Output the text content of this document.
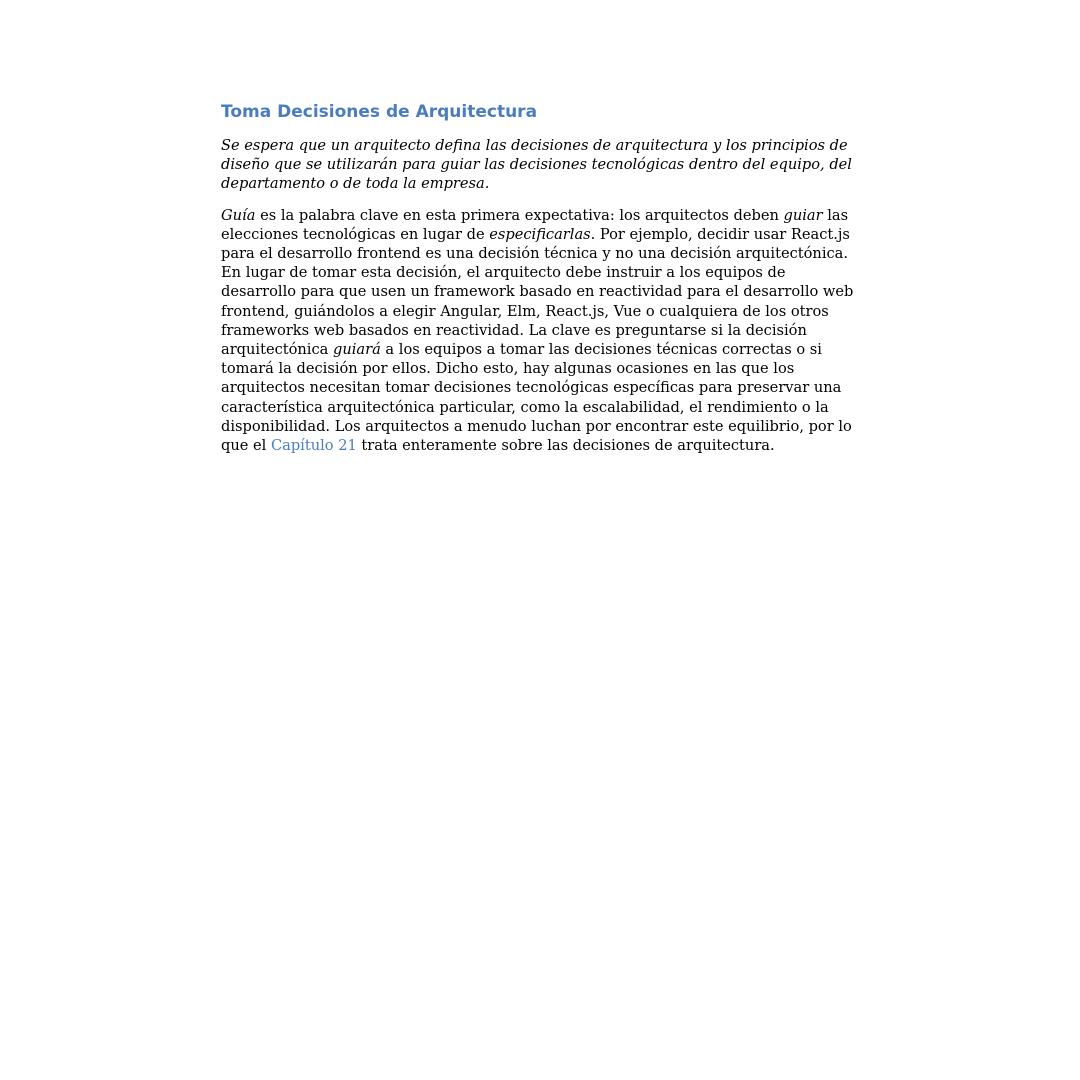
Toma Decisiones de Arquitectura

Se espera que un arquitecto defina las decisiones de arquitectura y los principios de diseño que se utilizarán para guiar las decisiones tecnológicas dentro del equipo, del departamento o de toda la empresa.

Guía es la palabra clave en esta primera expectativa: los arquitectos deben guiar las elecciones tecnológicas en lugar de especificarlas. Por ejemplo, decidir usar React.js para el desarrollo frontend es una decisión técnica y no una decisión arquitectónica. En lugar de tomar esta decisión, el arquitecto debe instruir a los equipos de desarrollo para que usen un framework basado en reactividad para el desarrollo web frontend, guiándolos a elegir Angular, Elm, React.js, Vue o cualquiera de los otros frameworks web basados en reactividad. La clave es preguntarse si la decisión arquitectónica guiará a los equipos a tomar las decisiones técnicas correctas o si tomará la decisión por ellos. Dicho esto, hay algunas ocasiones en las que los arquitectos necesitan tomar decisiones tecnológicas específicas para preservar una característica arquitectónica particular, como la escalabilidad, el rendimiento o la disponibilidad. Los arquitectos a menudo luchan por encontrar este equilibrio, por lo que el Capítulo 21 trata enteramente sobre las decisiones de arquitectura.
